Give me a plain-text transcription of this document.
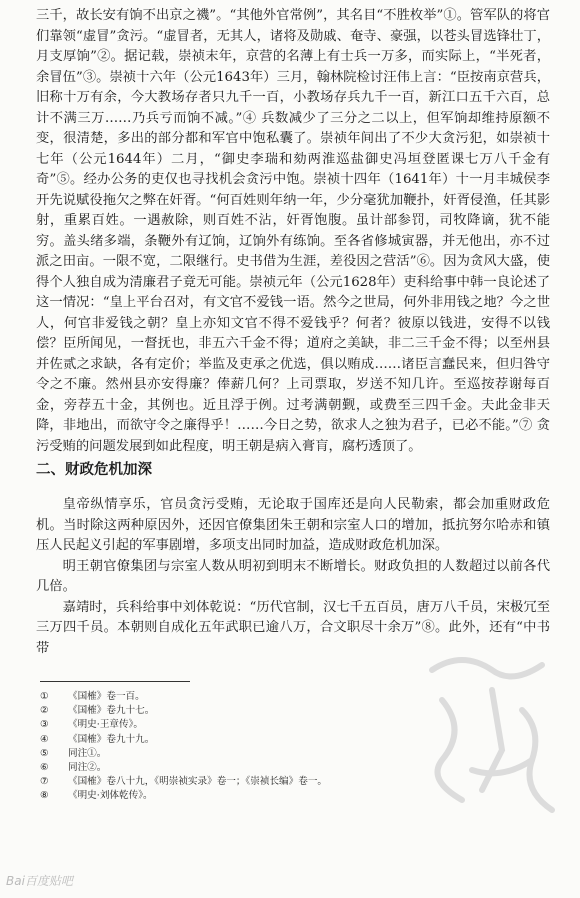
三千，故长安有饷不出京之禨”。“其他外官常例”，其名目“不胜枚举”①。管军队的将官们靠领“虚冒”贪污。“虚冒者，无其人，诸将及勋戚、奄寺、豪强，以苍头冒选锋壮丁，月支厚饷”②。据记载，崇祯末年，京营的名薄上有士兵一万多，而实际上，“半死者，余冒伍”③。崇祯十六年（公元1643年）三月，翰林院检讨汪伟上言：“臣按南京营兵，旧称十万有余，今大教场存者只九千一百，小教场存兵九千一百，新江口五千六百，总计不满三万……乃兵亏而饷不减。”④ 兵数减少了三分之二以上，但军饷却维持原额不变，很清楚，多出的部分都和军官中饱私囊了。崇祯年间出了不少大贪污犯，如崇祯十七年（公元1644年）二月，“御史李瑞和劾两淮巡盐御史冯垣登匿课七万八千金有奇”⑤。经办公务的吏仅也寻找机会贪污中饱。崇祯十四年（1641年）十一月丰城侯李开先说赋役拖欠之弊在奸胥。“何百姓则年纳一年，少分毫犹加鞭扑，奸胥侵渔，任其影射，重累百姓。一遇赦除，则百姓不沾，奸胥饱腹。虽计部参罚，司牧降谪，犹不能穷。盖头绪多端，条鞭外有辽饷，辽饷外有练饷。至各省修城寅器，并无他出，亦不过派之田亩。一限不宽，二限继行。史书借为生涯，差役因之营活”⑥。因为贪风大盛，使得个人独自成为清廉君子竟无可能。崇祯元年（公元1628年）吏科给事中韩一良论述了这一情况：“皇上平台召对，有文官不爱钱一语。然今之世局，何外非用钱之地？今之世人，何官非爱钱之朝？皇上亦知文官不得不爱钱乎？何者？彼原以钱进，安得不以钱偿？臣所闻见，一督抚也，非五六千金不得；道府之美缺，非二三千金不得；以至州县并佐贰之求缺，各有定价；举监及吏承之优选，俱以贿成……诸臣言蠢民来，但归咎守令之不廉。然州县亦安得廉？俸薪几何？上司票取，岁送不知几许。至巡按荐谢每百金，旁荐五十金，其例也。近且浮于例。过考满朝觐，或费至三四千金。夫此金非天降，非地出，而欲守令之廉得乎！……今日之势，欲求人之独为君子，已必不能。”⑦ 贪污受贿的问题发展到如此程度，明王朝是病入膏肓，腐朽透顶了。

二、财政危机加深

皇帝纵情享乐，官员贪污受贿，无论取于国库还是向人民勒索，都会加重财政危机。当时除这两种原因外，还因官僚集团朱王朝和宗室人口的增加，抵抗努尔哈赤和镇压人民起义引起的军事剧增，多项支出同时加益，造成财政危机加深。

明王朝官僚集团与宗室人数从明初到明末不断增长。财政负担的人数超过以前各代几倍。

嘉靖时，兵科给事中刘体乾说：“历代官制，汉七千五百员，唐万八千员，宋极冗至三万四千员。本朝则自成化五年武职已逾八万，合文职尽十余万”⑧。此外，还有“中书带

①	《国榷》卷一百。
②	《国榷》卷九十七。
③	《明史·王章传》。
④	《国榷》卷九十九。
⑤	同注①。
⑥	同注②。
⑦	《国榷》卷八十九，《明崇祯实录》卷一；《崇祯长编》卷一。
⑧	《明史·刘体乾传》。
Bai百度贴吧
